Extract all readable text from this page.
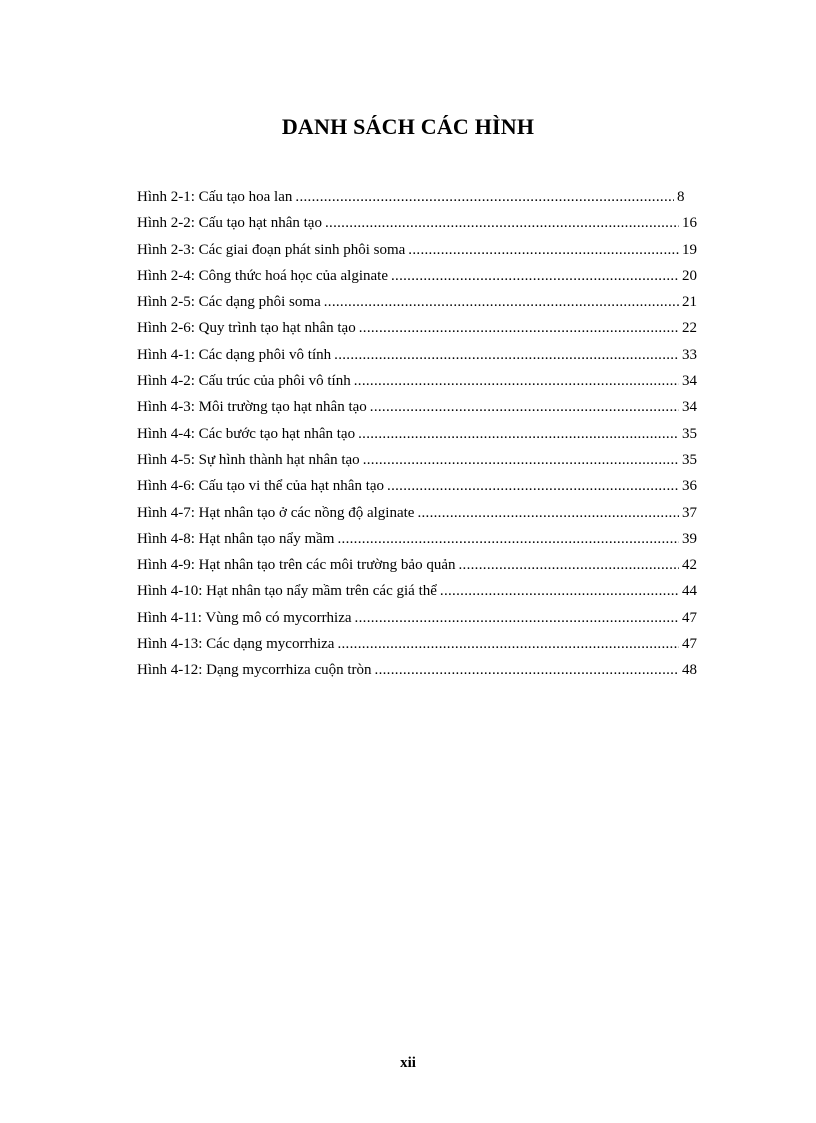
DANH SÁCH CÁC HÌNH
Hình 2-1: Cấu tạo hoa lan .....	8
Hình 2-2: Cấu tạo hạt nhân tạo .....	16
Hình 2-3: Các giai đoạn phát sinh phôi soma .....	19
Hình 2-4: Công thức hoá học của alginate .....	20
Hình 2-5: Các dạng phôi soma .....	21
Hình 2-6: Quy trình tạo hạt nhân tạo .....	22
Hình 4-1: Các dạng phôi vô tính .....	33
Hình 4-2: Cấu trúc của phôi vô tính .....	34
Hình 4-3: Môi trường tạo hạt nhân tạo .....	34
Hình 4-4: Các bước tạo hạt nhân tạo .....	35
Hình 4-5: Sự hình thành hạt nhân tạo .....	35
Hình 4-6: Cấu tạo vi thể của hạt nhân tạo .....	36
Hình 4-7: Hạt nhân tạo ở các nồng độ alginate .....	37
Hình 4-8: Hạt nhân tạo nẩy mầm .....	39
Hình 4-9: Hạt nhân tạo trên các môi trường bảo quản .....	42
Hình 4-10: Hạt nhân tạo nẩy mầm trên các giá thể .....	44
Hình 4-11: Vùng mô có mycorrhiza .....	47
Hình 4-13: Các dạng mycorrhiza .....	47
Hình 4-12: Dạng mycorrhiza cuộn tròn .....	48

xii
